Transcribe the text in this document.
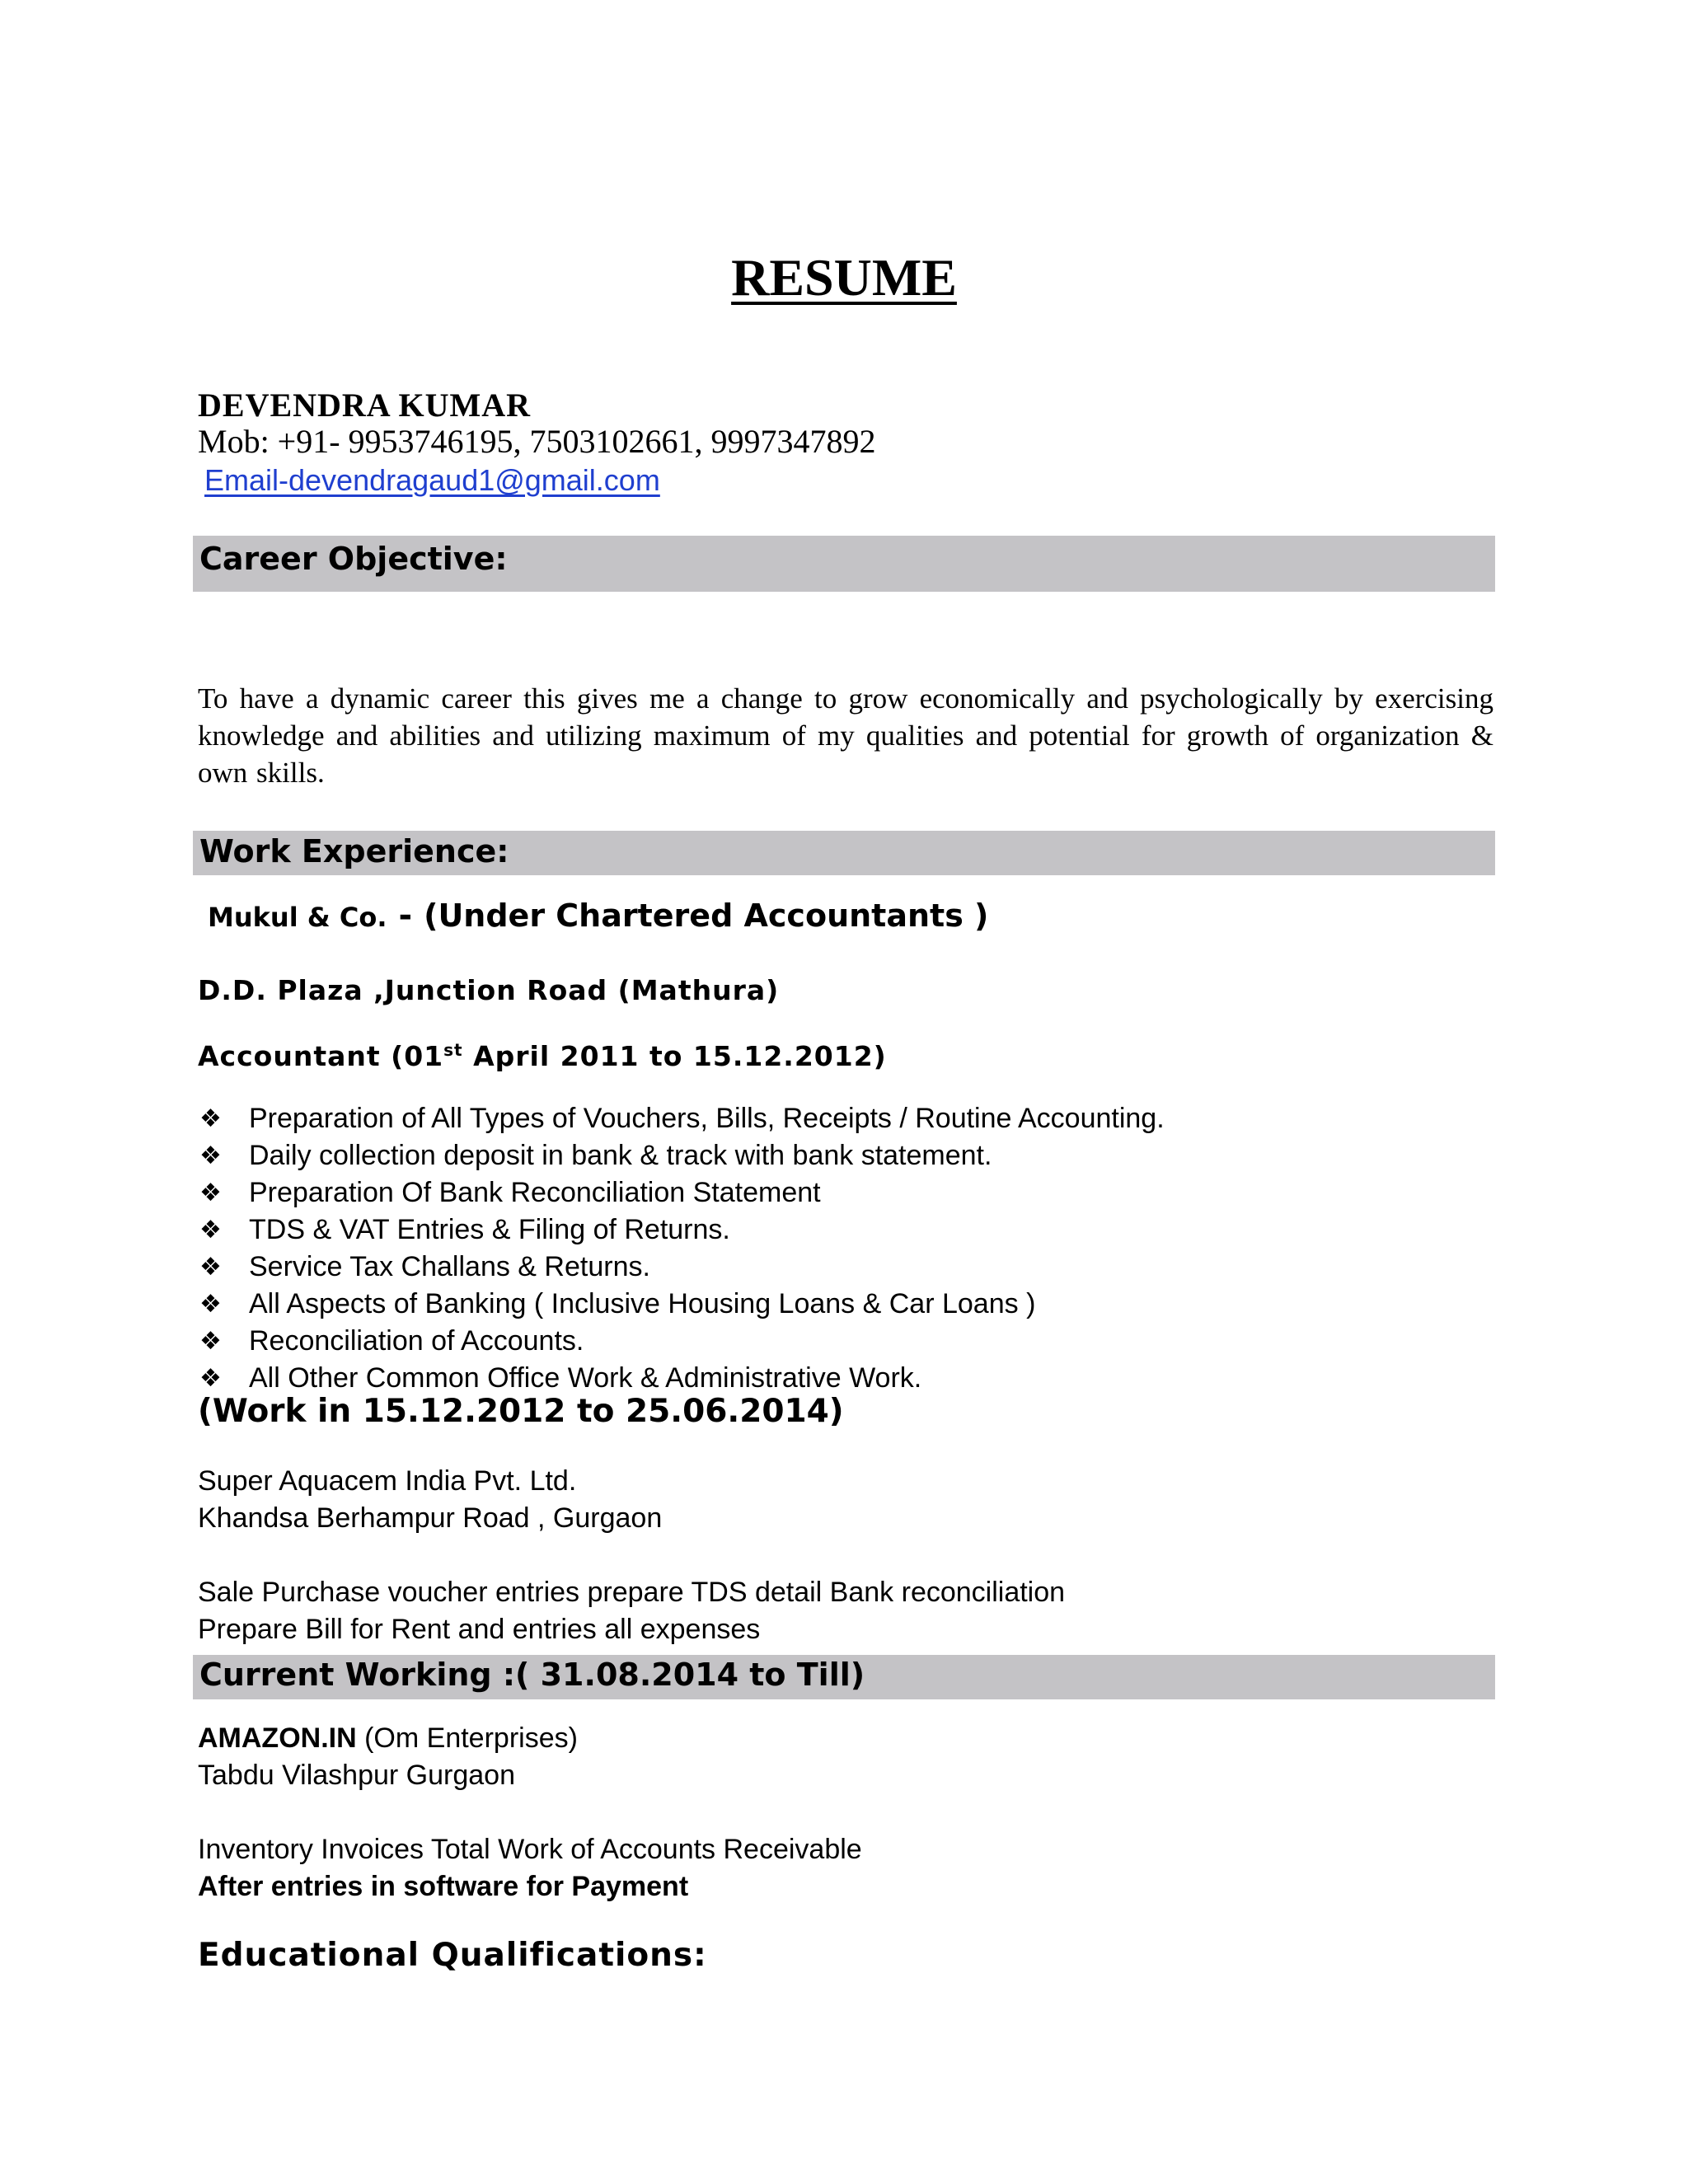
RESUME
DEVENDRA KUMAR
Mob: +91- 9953746195, 7503102661, 9997347892
Email-devendragaud1@gmail.com
Career Objective:
To have a dynamic career this gives me a change to grow economically and psychologically by exercising knowledge and abilities and utilizing maximum of my qualities and potential for growth of organization & own skills.
Work Experience:
Mukul & Co. - (Under Chartered Accountants )
D.D. Plaza ,Junction Road (Mathura)
Accountant (01st April 2011 to 15.12.2012)
❖ Preparation of All Types of Vouchers, Bills, Receipts / Routine Accounting.
❖ Daily collection deposit in bank & track with bank statement.
❖ Preparation Of Bank Reconciliation Statement
❖ TDS & VAT Entries & Filing of Returns.
❖ Service Tax Challans & Returns.
❖ All Aspects of Banking ( Inclusive Housing Loans & Car Loans )
❖ Reconciliation of Accounts.
❖ All Other Common Office Work & Administrative Work.
(Work in 15.12.2012 to 25.06.2014)
Super Aquacem India Pvt. Ltd.
Khandsa Berhampur Road , Gurgaon
Sale Purchase voucher entries prepare TDS detail Bank reconciliation
Prepare Bill for Rent and entries all expenses
Current Working :( 31.08.2014 to Till)
AMAZON.IN (Om Enterprises)
Tabdu Vilashpur Gurgaon
Inventory Invoices Total Work of Accounts Receivable
After entries in software for Payment
Educational Qualifications:
